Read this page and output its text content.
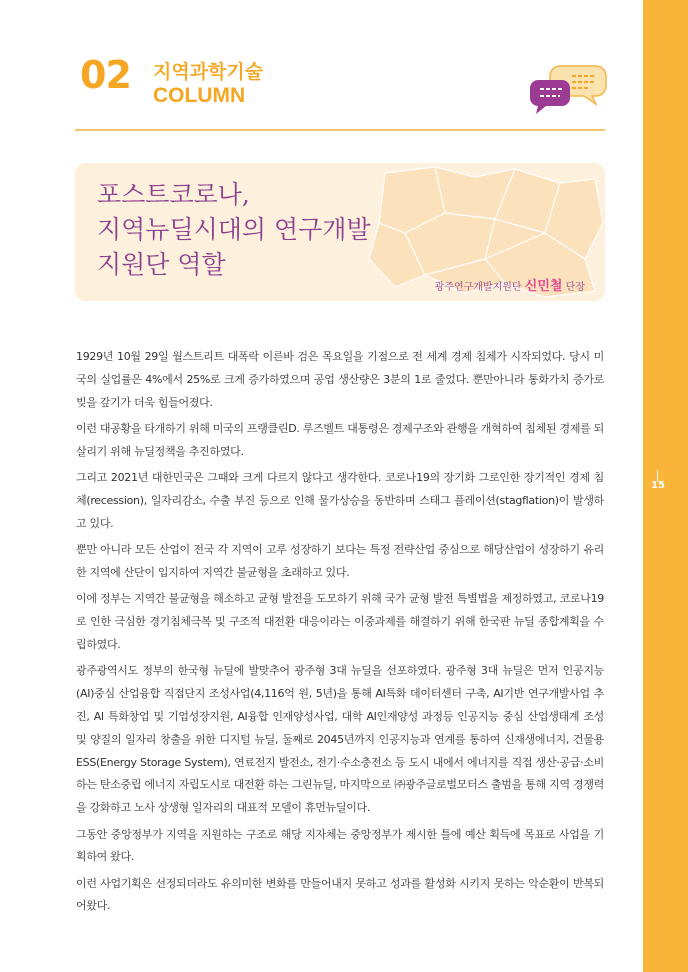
02 지역과학기술 COLUMN
15
전국연구개발지원단 ISSUE & FOCUS
02 지역과학기술
COLUMN
포스트코로나,
지역뉴딜시대의 연구개발
지원단 역할
광주연구개발지원단 신민철 단장

1929년 10월 29일 월스트리트 대폭락 이른바 검은 목요일을 기점으로 전 세계 경제 침체가 시작되었다. 당시 미국의 실업률은 4%에서 25%로 크게 증가하였으며 공업 생산량은 3분의 1로 줄었다. 뿐만아니라 통화가치 증가로 빚을 갚기가 더욱 힘들어졌다.

이런 대공황을 타개하기 위해 미국의 프랭클린D. 루즈벨트 대통령은 경제구조와 관행을 개혁하여 침체된 경제를 되살리기 위해 뉴딜정책을 추진하였다.

그리고 2021년 대한민국은 그때와 크게 다르지 않다고 생각한다. 코로나19의 장기화 그로인한 장기적인 경제 침체(recession), 일자리감소, 수출 부진 등으로 인해 물가상승을 동반하며 스태그 플레이션(stagflation)이 발생하고 있다.

뿐만 아니라 모든 산업이 전국 각 지역이 고루 성장하기 보다는 특정 전략산업 중심으로 해당산업이 성장하기 유리한 지역에 산단이 입지하여 지역간 불균형을 초래하고 있다.

이에 정부는 지역간 불균형을 해소하고 균형 발전을 도모하기 위해 국가 균형 발전 특별법을 제정하였고, 코로나19로 인한 극심한 경기침체극복 및 구조적 대전환 대응이라는 이중과제를 해결하기 위해 한국판 뉴딜 종합계획을 수립하였다.

광주광역시도 정부의 한국형 뉴딜에 발맞추어 광주형 3대 뉴딜을 선포하였다. 광주형 3대 뉴딜은 먼저 인공지능(AI)중심 산업융합 직접단지 조성사업(4,116억 원, 5년)을 통해 AI특화 데이터센터 구축, AI기반 연구개발사업 추진, AI 특화창업 및 기업성장지원, AI융합 인재양성사업, 대학 AI인재양성 과정등 인공지능 중심 산업생태계 조성 및 양질의 일자리 창출을 위한 디지털 뉴딜, 둘째로 2045년까지 인공지능과 연계를 통하여 신재생에너지, 건물용 ESS(Energy Storage System), 연료전지 발전소, 전기·수소충전소 등 도시 내에서 에너지를 직접 생산·공급·소비하는 탄소중립 에너지 자립도시로 대전환 하는 그린뉴딜, 마지막으로 ㈜광주글로벌모터스 출범을 통해 지역 경쟁력을 강화하고 노사 상생형 일자리의 대표적 모델이 휴먼뉴딜이다.

그동안 중앙정부가 지역을 지원하는 구조로 해당 지자체는 중앙정부가 제시한 틀에 예산 획득에 목표로 사업을 기획하여 왔다.

이런 사업기획은 선정되더라도 유의미한 변화를 만들어내지 못하고 성과를 활성화 시키지 못하는 악순환이 반복되어왔다.
